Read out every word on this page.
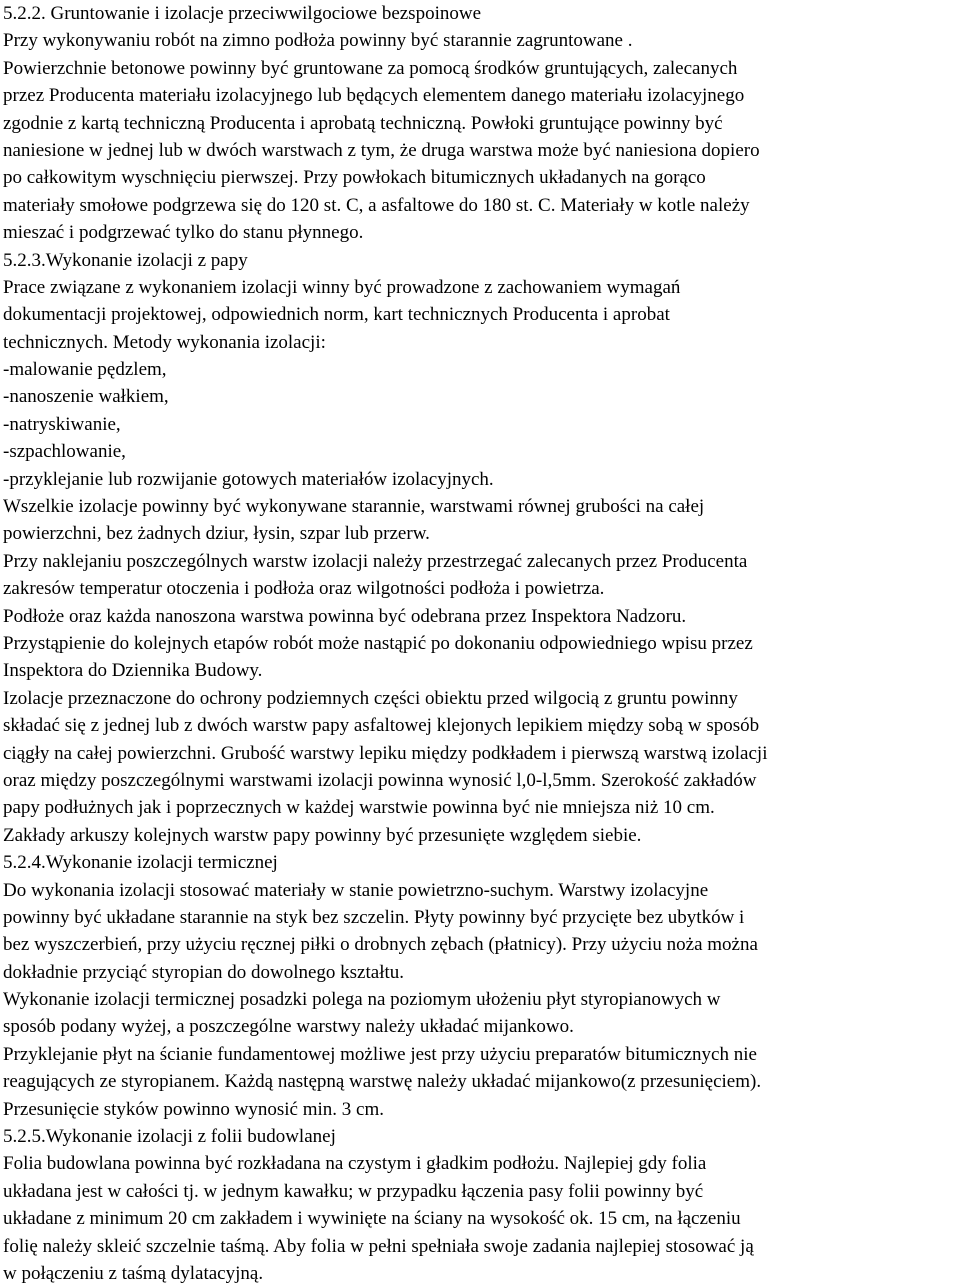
5.2.2. Gruntowanie i izolacje przeciwwilgociowe bezspoinowe
Przy wykonywaniu robót na zimno podłoża powinny być starannie zagruntowane .
Powierzchnie betonowe powinny być gruntowane za pomocą środków gruntujących, zalecanych
przez Producenta materiału izolacyjnego lub będących elementem danego materiału izolacyjnego
zgodnie z kartą techniczną Producenta i aprobatą techniczną. Powłoki gruntujące powinny być
naniesione w jednej lub w dwóch warstwach z tym, że druga warstwa może być naniesiona dopiero
po całkowitym wyschnięciu pierwszej. Przy powłokach bitumicznych układanych na gorąco
materiały smołowe podgrzewa się do 120 st. C, a asfaltowe do 180 st. C. Materiały w kotle należy
mieszać i podgrzewać tylko do stanu płynnego.
5.2.3.Wykonanie izolacji z papy
Prace związane z wykonaniem izolacji winny być prowadzone z zachowaniem wymagań
dokumentacji projektowej, odpowiednich norm, kart technicznych Producenta i aprobat
technicznych. Metody wykonania izolacji:
-malowanie pędzlem,
-nanoszenie wałkiem,
-natryskiwanie,
-szpachlowanie,
-przyklejanie lub rozwijanie gotowych materiałów izolacyjnych.
Wszelkie izolacje powinny być wykonywane starannie, warstwami równej grubości na całej
powierzchni, bez żadnych dziur, łysin, szpar lub przerw.
Przy naklejaniu poszczególnych warstw izolacji należy przestrzegać zalecanych przez Producenta
zakresów temperatur otoczenia i podłoża oraz wilgotności podłoża i powietrza.
Podłoże oraz każda nanoszona warstwa powinna być odebrana przez Inspektora Nadzoru.
Przystąpienie do kolejnych etapów robót może nastąpić po dokonaniu odpowiedniego wpisu przez
Inspektora do Dziennika Budowy.
Izolacje przeznaczone do ochrony podziemnych części obiektu przed wilgocią z gruntu powinny
składać się z jednej lub z dwóch warstw papy asfaltowej klejonych lepikiem między sobą w sposób
ciągły na całej powierzchni. Grubość warstwy lepiku między podkładem i pierwszą warstwą izolacji
oraz między poszczególnymi warstwami izolacji powinna wynosić l,0-l,5mm. Szerokość zakładów
papy podłużnych jak i poprzecznych w każdej warstwie powinna być nie mniejsza niż 10 cm.
Zakłady arkuszy kolejnych warstw papy powinny być przesunięte względem siebie.
5.2.4.Wykonanie izolacji termicznej
Do wykonania izolacji stosować materiały w stanie powietrzno-suchym. Warstwy izolacyjne
powinny być układane starannie na styk bez szczelin. Płyty powinny być przycięte bez ubytków i
bez wyszczerbień, przy użyciu ręcznej piłki o drobnych zębach (płatnicy). Przy użyciu noża można
dokładnie przyciąć styropian do dowolnego kształtu.
Wykonanie izolacji termicznej posadzki polega na poziomym ułożeniu płyt styropianowych w
sposób podany wyżej, a poszczególne warstwy należy układać mijankowo.
Przyklejanie płyt na ścianie fundamentowej możliwe jest przy użyciu preparatów bitumicznych nie
reagujących ze styropianem. Każdą następną warstwę należy układać mijankowo(z przesunięciem).
Przesunięcie styków powinno wynosić min. 3 cm.
5.2.5.Wykonanie izolacji z folii budowlanej
Folia budowlana powinna być rozkładana na czystym i gładkim podłożu. Najlepiej gdy folia
układana jest w całości tj. w jednym kawałku; w przypadku łączenia pasy folii powinny być
układane z minimum 20 cm zakładem i wywinięte na ściany na wysokość ok. 15 cm, na łączeniu
folię należy skleić szczelnie taśmą. Aby folia w pełni spełniała swoje zadania najlepiej stosować ją
w połączeniu z taśmą dylatacyjną.
